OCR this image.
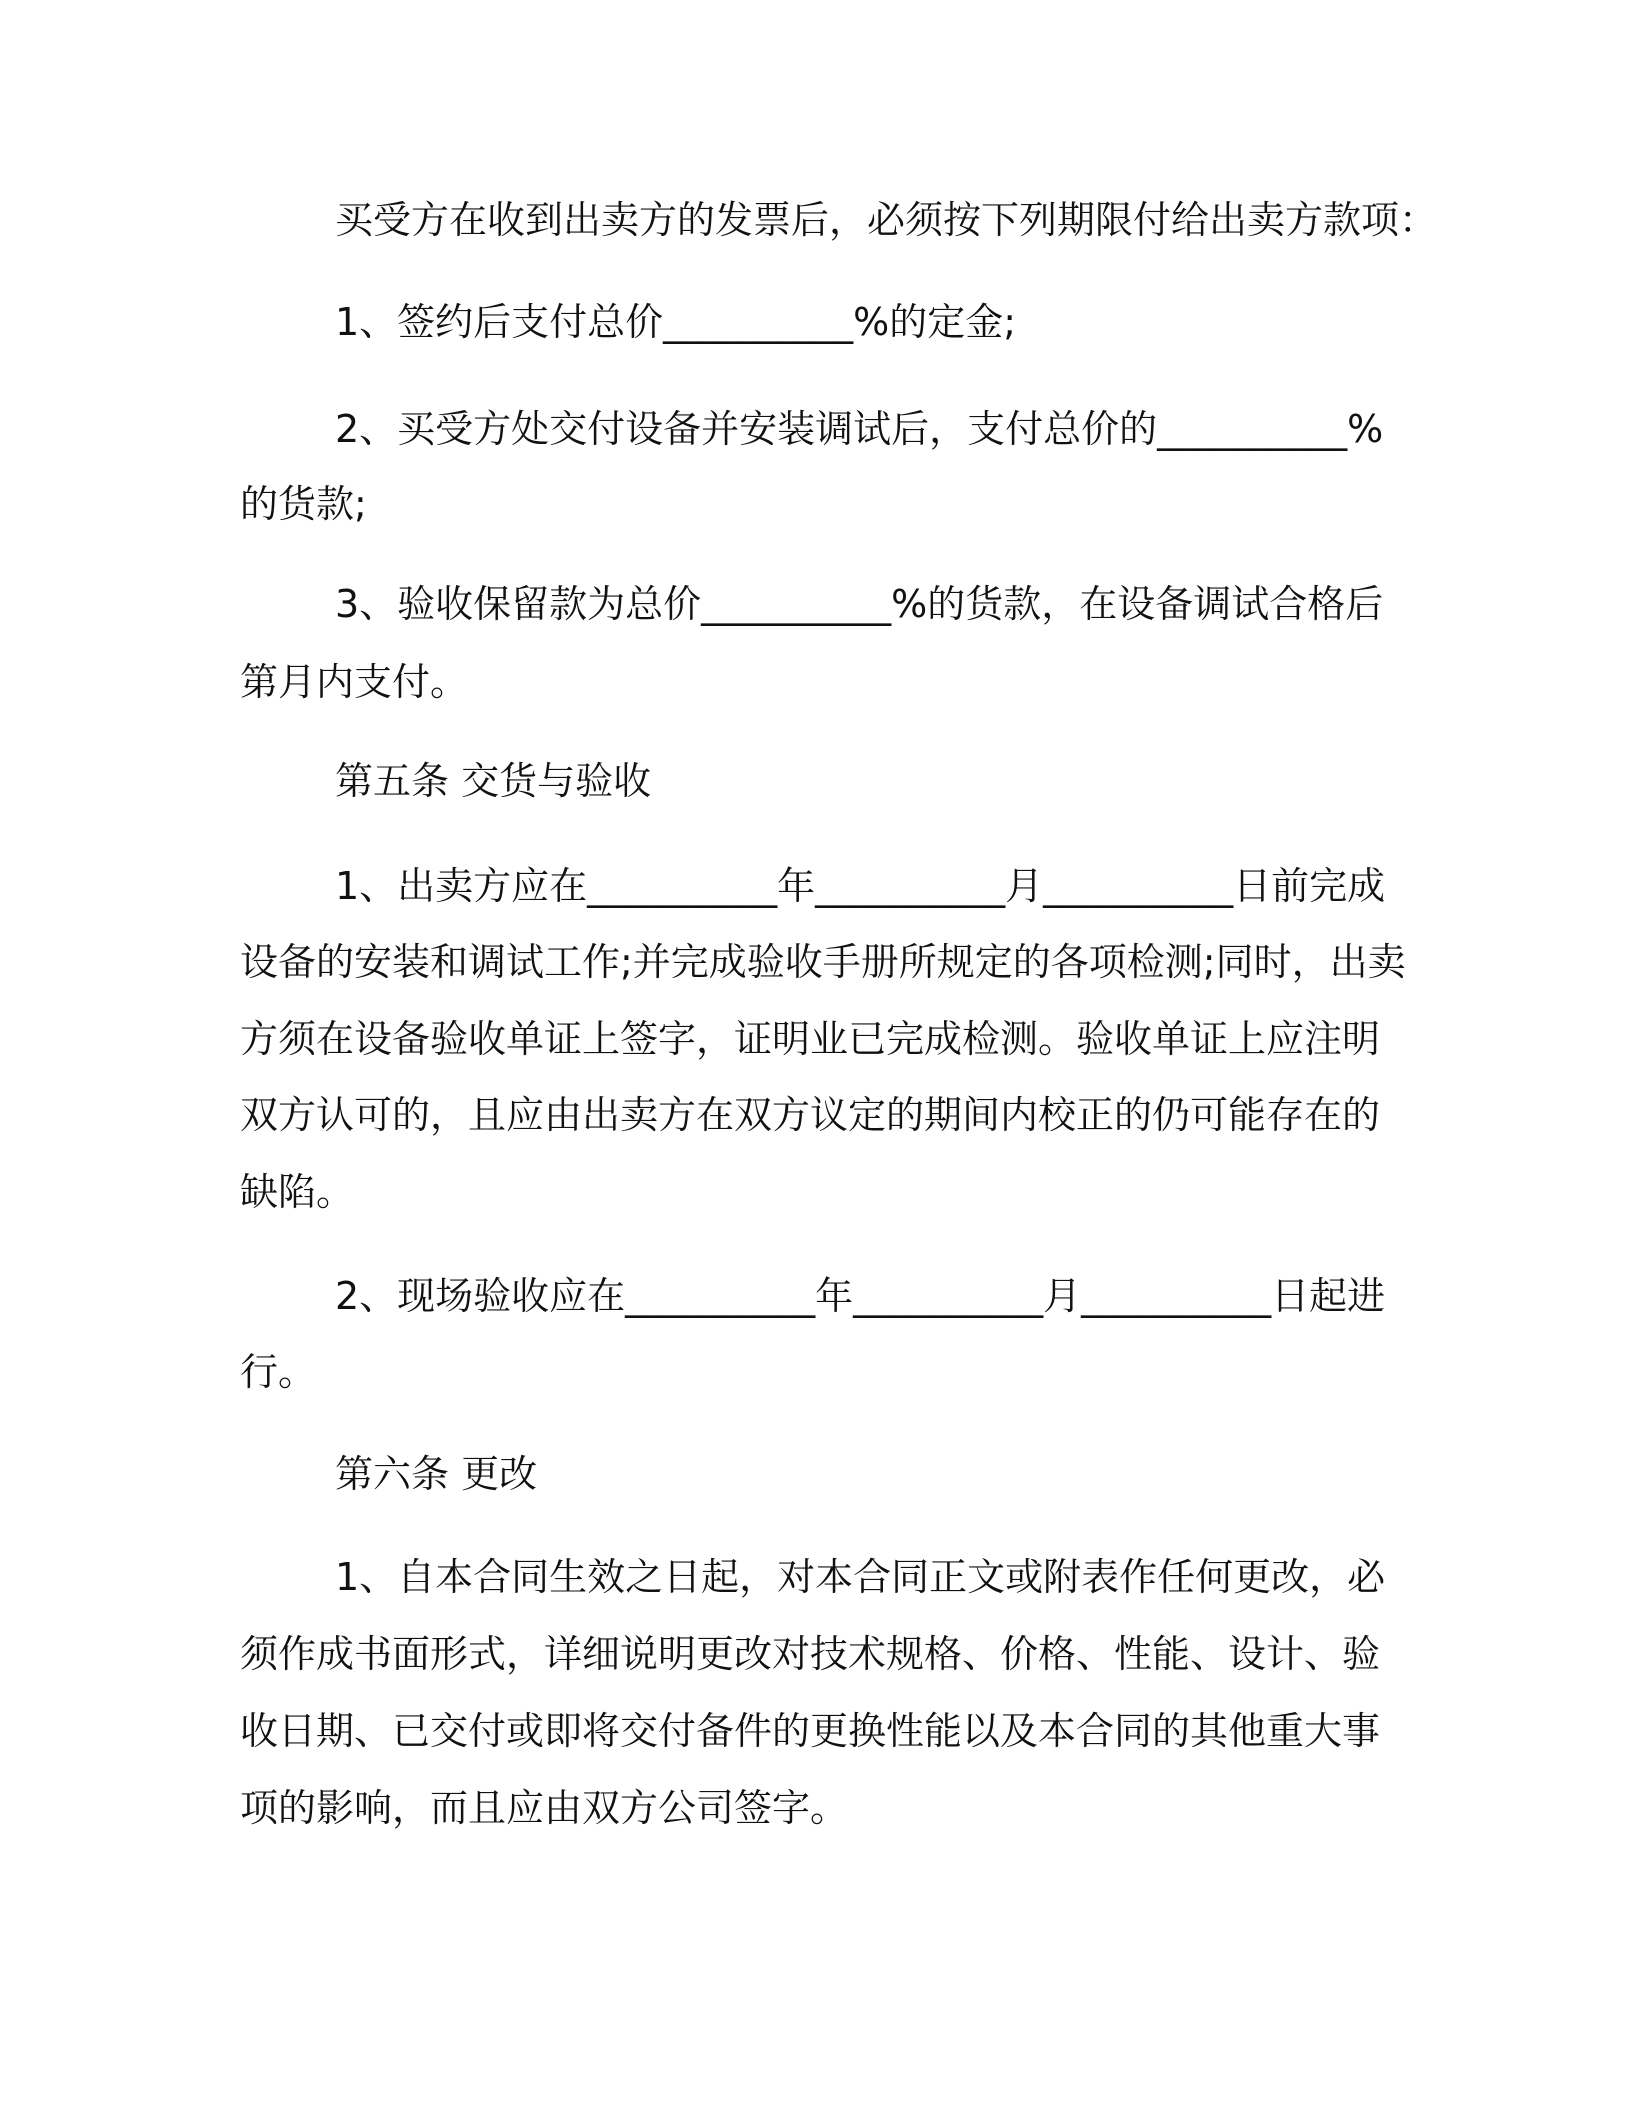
买受方在收到出卖方的发票后，必须按下列期限付给出卖方款项：
1、签约后支付总价__________%的定金;
2、买受方处交付设备并安装调试后，支付总价的__________%
的货款;
3、验收保留款为总价__________%的货款，在设备调试合格后
第月内支付。
第五条 交货与验收
1、出卖方应在__________年__________月__________日前完成
设备的安装和调试工作;并完成验收手册所规定的各项检测;同时，出卖
方须在设备验收单证上签字，证明业已完成检测。验收单证上应注明
双方认可的，且应由出卖方在双方议定的期间内校正的仍可能存在的
缺陷。
2、现场验收应在__________年__________月__________日起进
行。
第六条 更改
1、自本合同生效之日起，对本合同正文或附表作任何更改，必
须作成书面形式，详细说明更改对技术规格、价格、性能、设计、验
收日期、已交付或即将交付备件的更换性能以及本合同的其他重大事
项的影响，而且应由双方公司签字。
